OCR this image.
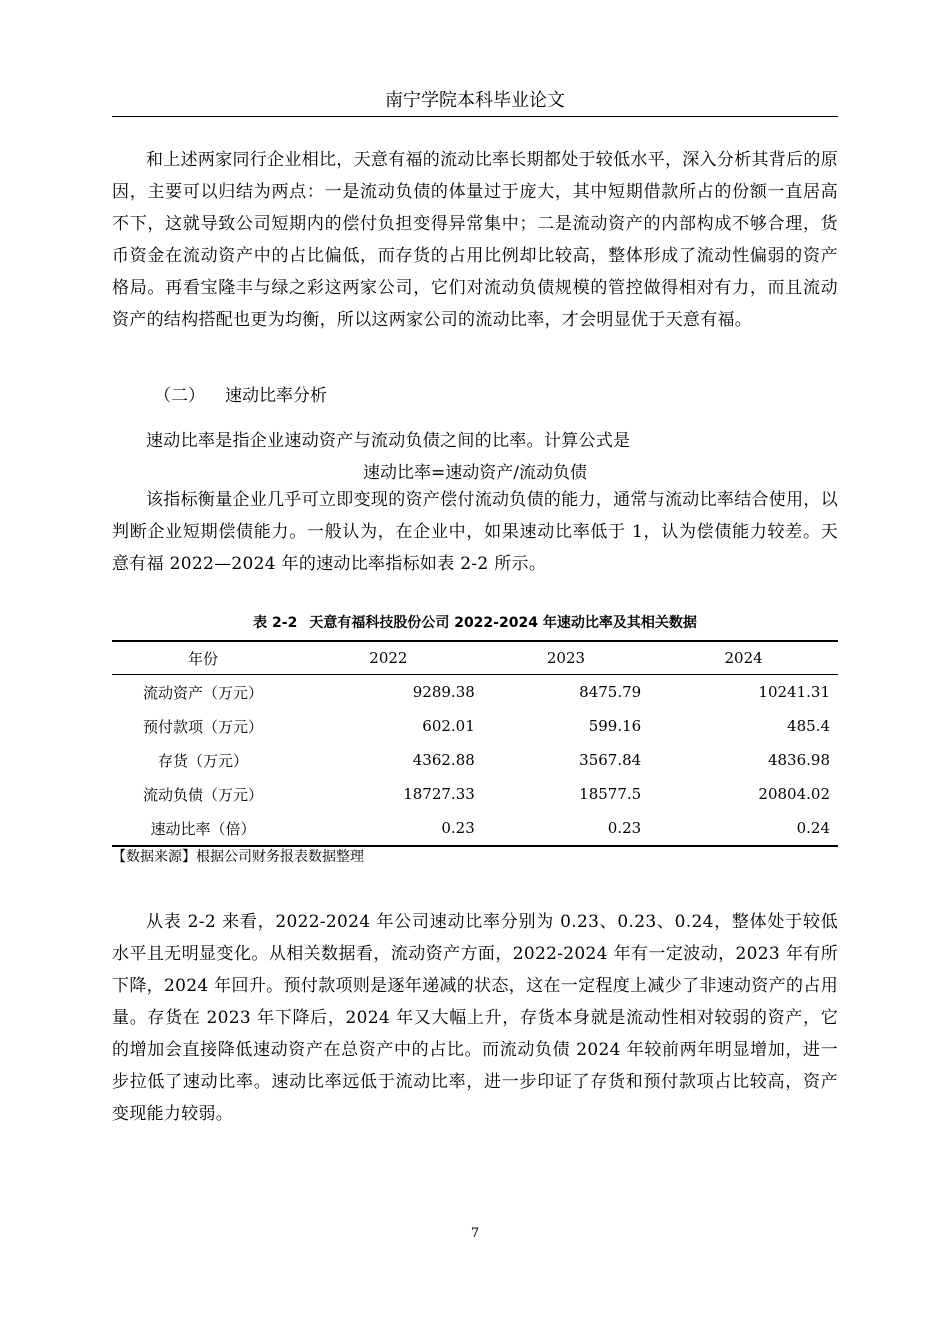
南宁学院本科毕业论文
和上述两家同行企业相比，天意有福的流动比率长期都处于较低水平，深入分析其背后的原因，主要可以归结为两点：一是流动负债的体量过于庞大，其中短期借款所占的份额一直居高不下，这就导致公司短期内的偿付负担变得异常集中；二是流动资产的内部构成不够合理，货币资金在流动资产中的占比偏低，而存货的占用比例却比较高，整体形成了流动性偏弱的资产格局。再看宝隆丰与绿之彩这两家公司，它们对流动负债规模的管控做得相对有力，而且流动资产的结构搭配也更为均衡，所以这两家公司的流动比率，才会明显优于天意有福。
（二） 速动比率分析
速动比率是指企业速动资产与流动负债之间的比率。计算公式是
速动比率=速动资产/流动负债
该指标衡量企业几乎可立即变现的资产偿付流动负债的能力，通常与流动比率结合使用，以判断企业短期偿债能力。一般认为，在企业中，如果速动比率低于 1，认为偿债能力较差。天意有福 2022—2024 年的速动比率指标如表 2-2 所示。
表 2-2 天意有福科技股份公司 2022-2024 年速动比率及其相关数据
年份	2022	2023	2024
流动资产（万元）	9289.38	8475.79	10241.31
预付款项（万元）	602.01	599.16	485.4
存货（万元）	4362.88	3567.84	4836.98
流动负债（万元）	18727.33	18577.5	20804.02
速动比率（倍）	0.23	0.23	0.24
【数据来源】根据公司财务报表数据整理
从表 2-2 来看，2022-2024 年公司速动比率分别为 0.23、0.23、0.24，整体处于较低水平且无明显变化。从相关数据看，流动资产方面，2022-2024 年有一定波动，2023 年有所下降，2024 年回升。预付款项则是逐年递减的状态，这在一定程度上减少了非速动资产的占用量。存货在 2023 年下降后，2024 年又大幅上升，存货本身就是流动性相对较弱的资产，它的增加会直接降低速动资产在总资产中的占比。而流动负债 2024 年较前两年明显增加，进一步拉低了速动比率。速动比率远低于流动比率，进一步印证了存货和预付款项占比较高，资产变现能力较弱。
7
